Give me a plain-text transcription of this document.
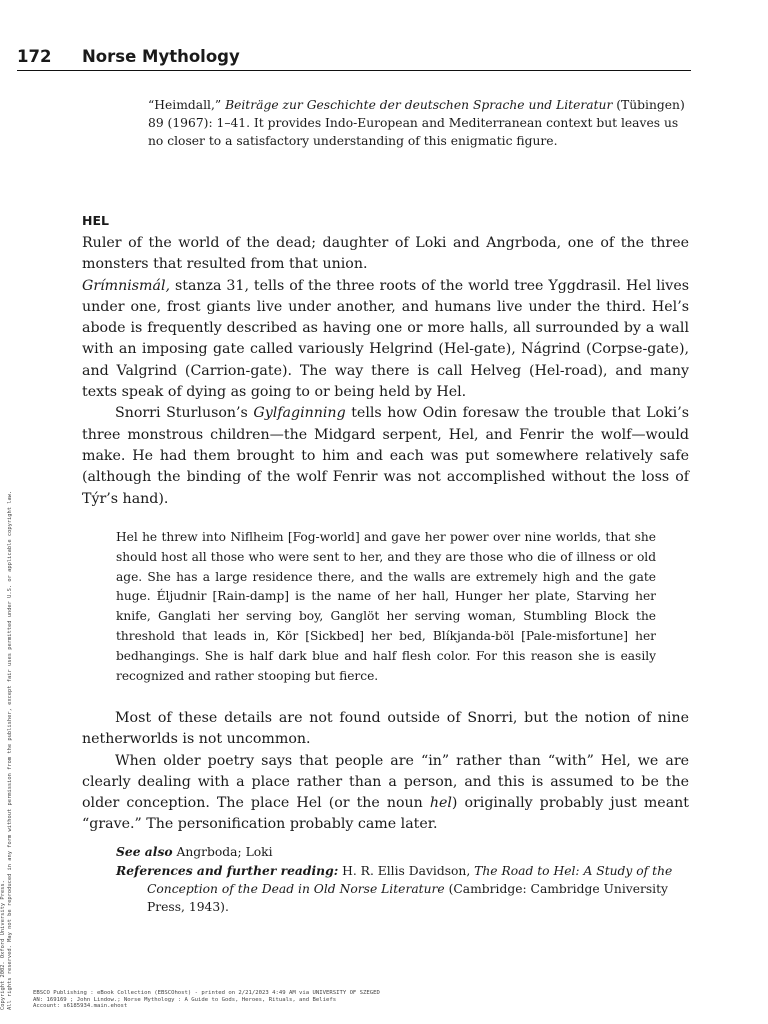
172 Norse Mythology

“Heimdall,” Beiträge zur Geschichte der deutschen Sprache und Literatur (Tübingen) 89 (1967): 1–41. It provides Indo-European and Mediterranean context but leaves us no closer to a satisfactory understanding of this enigmatic figure.

HEL

Ruler of the world of the dead; daughter of Loki and Angrboda, one of the three monsters that resulted from that union.

Grímnismál, stanza 31, tells of the three roots of the world tree Yggdrasil. Hel lives under one, frost giants live under another, and humans live under the third. Hel’s abode is frequently described as having one or more halls, all surrounded by a wall with an imposing gate called variously Helgrind (Hel-gate), Nágrind (Corpse-gate), and Valgrind (Carrion-gate). The way there is call Helveg (Hel-road), and many texts speak of dying as going to or being held by Hel.

Snorri Sturluson’s Gylfaginning tells how Odin foresaw the trouble that Loki’s three monstrous children—the Midgard serpent, Hel, and Fenrir the wolf—would make. He had them brought to him and each was put somewhere relatively safe (although the binding of the wolf Fenrir was not accomplished without the loss of Týr’s hand).

Hel he threw into Niflheim [Fog-world] and gave her power over nine worlds, that she should host all those who were sent to her, and they are those who die of illness or old age. She has a large residence there, and the walls are extremely high and the gate huge. Éljudnir [Rain-damp] is the name of her hall, Hunger her plate, Starving her knife, Ganglati her serving boy, Ganglöt her serving woman, Stumbling Block the threshold that leads in, Kör [Sickbed] her bed, Blíkjanda-böl [Pale-misfortune] her bedhangings. She is half dark blue and half flesh color. For this reason she is easily recognized and rather stooping but fierce.

Most of these details are not found outside of Snorri, but the notion of nine netherworlds is not uncommon.

When older poetry says that people are “in” rather than “with” Hel, we are clearly dealing with a place rather than a person, and this is assumed to be the older conception. The place Hel (or the noun hel) originally probably just meant “grave.” The personification probably came later.

See also Angrboda; Loki

References and further reading: H. R. Ellis Davidson, The Road to Hel: A Study of the Conception of the Dead in Old Norse Literature (Cambridge: Cambridge University Press, 1943).

Copyright 2002. Oxford University Press. All rights reserved. May not be reproduced in any form without permission from the publisher, except fair uses permitted under U.S. or applicable copyright law.	EBSCO Publishing : eBook Collection (EBSCOhost) - printed on 2/21/2023 4:49 AM via UNIVERSITY OF SZEGED
AN: 169169 ; John Lindow.; Norse Mythology : A Guide to Gods, Heroes, Rituals, and Beliefs
Account: s6185934.main.ehost
